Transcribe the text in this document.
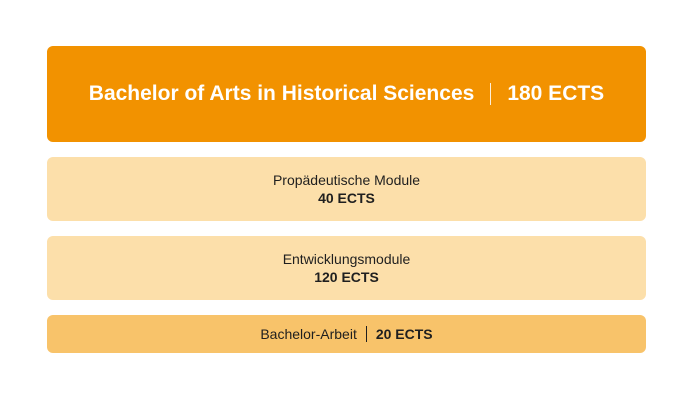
Bachelor of Arts in Historical Sciences 180 ECTS
Propädeutische Module
40 ECTS
Entwicklungsmodule
120 ECTS
Bachelor-Arbeit 20 ECTS
